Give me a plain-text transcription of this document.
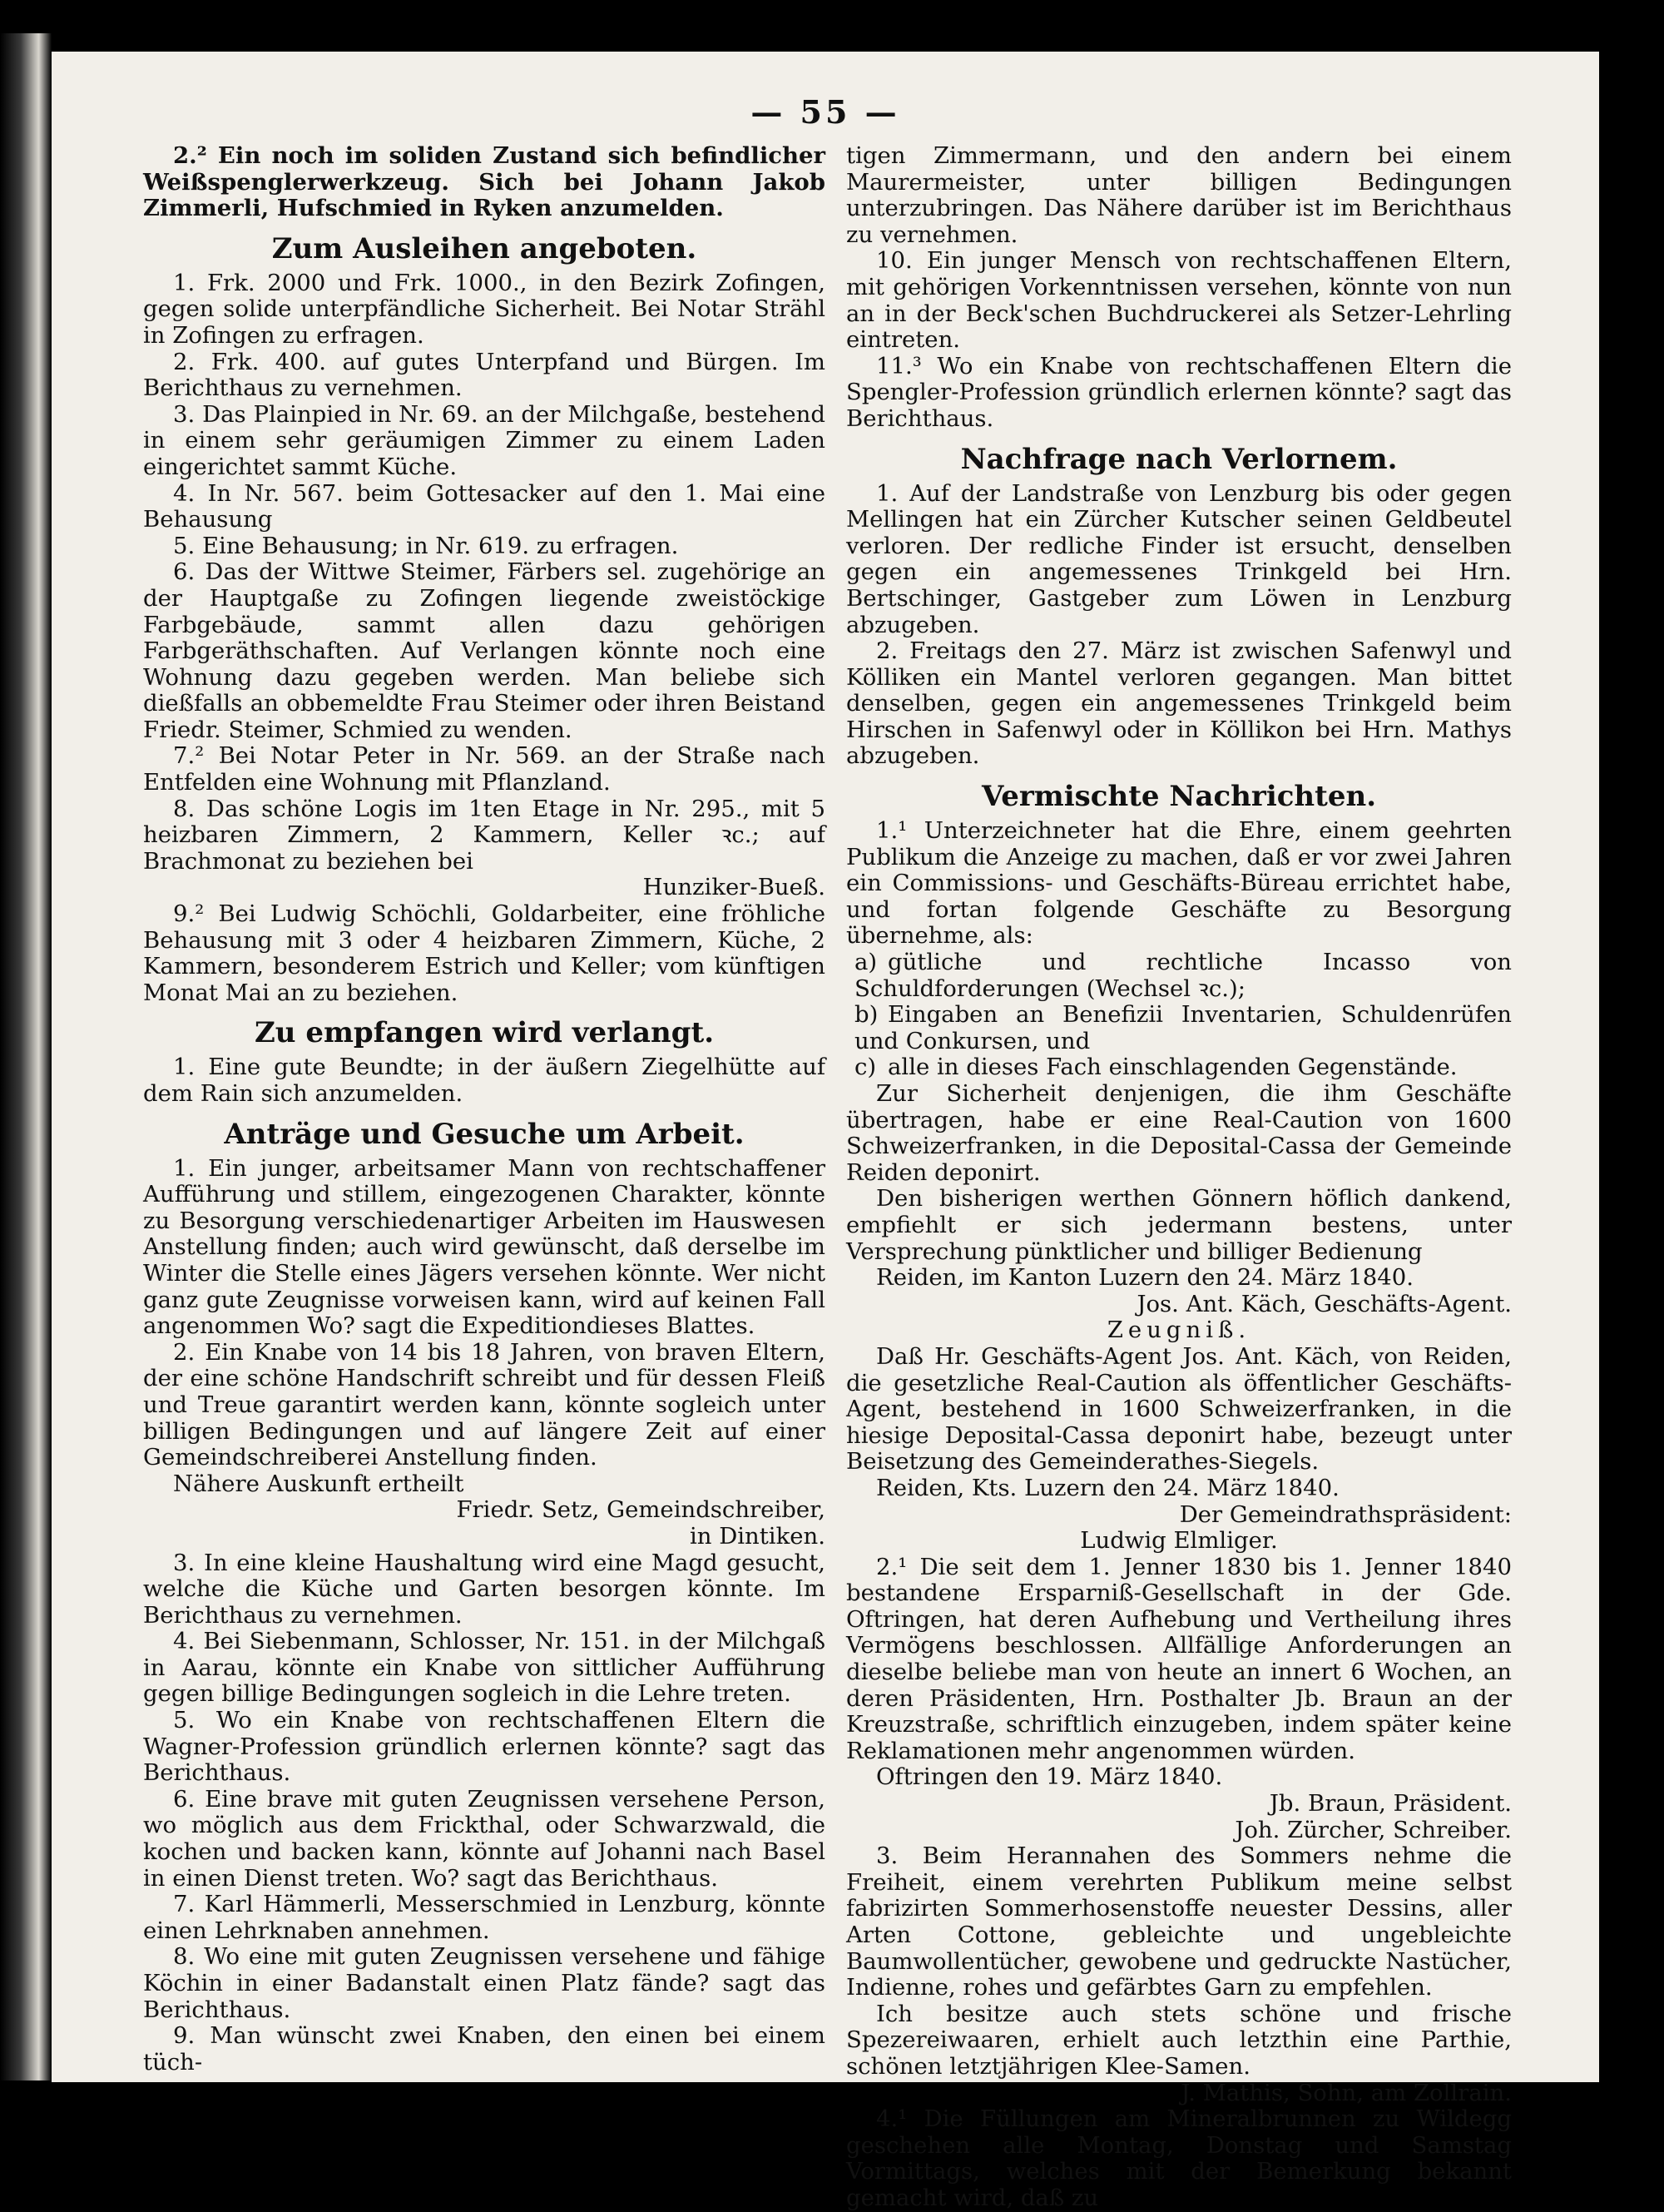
— 55 —

2.² Ein noch im soliden Zustand sich befindlicher Weißspenglerwerkzeug. Sich bei Johann Jakob Zimmerli, Hufschmied in Ryken anzumelden.

Zum Ausleihen angeboten.

1. Frk. 2000 und Frk. 1000., in den Bezirk Zofingen, gegen solide unterpfändliche Sicherheit. Bei Notar Strähl in Zofingen zu erfragen.

2. Frk. 400. auf gutes Unterpfand und Bürgen. Im Berichthaus zu vernehmen.

3. Das Plainpied in Nr. 69. an der Milchgaße, bestehend in einem sehr geräumigen Zimmer zu einem Laden eingerichtet sammt Küche.

4. In Nr. 567. beim Gottesacker auf den 1. Mai eine Behausung

5. Eine Behausung; in Nr. 619. zu erfragen.

6. Das der Wittwe Steimer, Färbers sel. zugehörige an der Hauptgaße zu Zofingen liegende zweistöckige Farbgebäude, sammt allen dazu gehörigen Farbgeräthschaften. Auf Verlangen könnte noch eine Wohnung dazu gegeben werden. Man beliebe sich dießfalls an obbemeldte Frau Steimer oder ihren Beistand Friedr. Steimer, Schmied zu wenden.

7.² Bei Notar Peter in Nr. 569. an der Straße nach Entfelden eine Wohnung mit Pflanzland.

8. Das schöne Logis im 1ten Etage in Nr. 295., mit 5 heizbaren Zimmern, 2 Kammern, Keller ꝛc.; auf Brachmonat zu beziehen bei

Hunziker-Bueß.

9.² Bei Ludwig Schöchli, Goldarbeiter, eine fröhliche Behausung mit 3 oder 4 heizbaren Zimmern, Küche, 2 Kammern, besonderem Estrich und Keller; vom künftigen Monat Mai an zu beziehen.

Zu empfangen wird verlangt.

1. Eine gute Beundte; in der äußern Ziegelhütte auf dem Rain sich anzumelden.

Anträge und Gesuche um Arbeit.

1. Ein junger, arbeitsamer Mann von rechtschaffener Aufführung und stillem, eingezogenen Charakter, könnte zu Besorgung verschiedenartiger Arbeiten im Hauswesen Anstellung finden; auch wird gewünscht, daß derselbe im Winter die Stelle eines Jägers versehen könnte. Wer nicht ganz gute Zeugnisse vorweisen kann, wird auf keinen Fall angenommen Wo? sagt die Expeditiondieses Blattes.

2. Ein Knabe von 14 bis 18 Jahren, von braven Eltern, der eine schöne Handschrift schreibt und für dessen Fleiß und Treue garantirt werden kann, könnte sogleich unter billigen Bedingungen und auf längere Zeit auf einer Gemeindschreiberei Anstellung finden.

Nähere Auskunft ertheilt

Friedr. Setz, Gemeindschreiber,

in Dintiken.

3. In eine kleine Haushaltung wird eine Magd gesucht, welche die Küche und Garten besorgen könnte. Im Berichthaus zu vernehmen.

4. Bei Siebenmann, Schlosser, Nr. 151. in der Milchgaß in Aarau, könnte ein Knabe von sittlicher Aufführung gegen billige Bedingungen sogleich in die Lehre treten.

5. Wo ein Knabe von rechtschaffenen Eltern die Wagner-Profession gründlich erlernen könnte? sagt das Berichthaus.

6. Eine brave mit guten Zeugnissen versehene Person, wo möglich aus dem Frickthal, oder Schwarzwald, die kochen und backen kann, könnte auf Johanni nach Basel in einen Dienst treten. Wo? sagt das Berichthaus.

7. Karl Hämmerli, Messerschmied in Lenzburg, könnte einen Lehrknaben annehmen.

8. Wo eine mit guten Zeugnissen versehene und fähige Köchin in einer Badanstalt einen Platz fände? sagt das Berichthaus.

9. Man wünscht zwei Knaben, den einen bei einem tüch-

tigen Zimmermann, und den andern bei einem Maurermeister, unter billigen Bedingungen unterzubringen. Das Nähere darüber ist im Berichthaus zu vernehmen.

10. Ein junger Mensch von rechtschaffenen Eltern, mit gehörigen Vorkenntnissen versehen, könnte von nun an in der Beck'schen Buchdruckerei als Setzer-Lehrling eintreten.

11.³ Wo ein Knabe von rechtschaffenen Eltern die Spengler-Profession gründlich erlernen könnte? sagt das Berichthaus.

Nachfrage nach Verlornem.

1. Auf der Landstraße von Lenzburg bis oder gegen Mellingen hat ein Zürcher Kutscher seinen Geldbeutel verloren. Der redliche Finder ist ersucht, denselben gegen ein angemessenes Trinkgeld bei Hrn. Bertschinger, Gastgeber zum Löwen in Lenzburg abzugeben.

2. Freitags den 27. März ist zwischen Safenwyl und Kölliken ein Mantel verloren gegangen. Man bittet denselben, gegen ein angemessenes Trinkgeld beim Hirschen in Safenwyl oder in Köllikon bei Hrn. Mathys abzugeben.

Vermischte Nachrichten.

1.¹ Unterzeichneter hat die Ehre, einem geehrten Publikum die Anzeige zu machen, daß er vor zwei Jahren ein Commissions- und Geschäfts-Büreau errichtet habe, und fortan folgende Geschäfte zu Besorgung übernehme, als:

a) gütliche und rechtliche Incasso von Schuldforderungen (Wechsel ꝛc.);

b) Eingaben an Benefizii Inventarien, Schuldenrüfen und Conkursen, und

c) alle in dieses Fach einschlagenden Gegenstände.

Zur Sicherheit denjenigen, die ihm Geschäfte übertragen, habe er eine Real-Caution von 1600 Schweizerfranken, in die Deposital-Cassa der Gemeinde Reiden deponirt.

Den bisherigen werthen Gönnern höflich dankend, empfiehlt er sich jedermann bestens, unter Versprechung pünktlicher und billiger Bedienung

Reiden, im Kanton Luzern den 24. März 1840.

Jos. Ant. Käch, Geschäfts-Agent.

Zeugniß.

Daß Hr. Geschäfts-Agent Jos. Ant. Käch, von Reiden, die gesetzliche Real-Caution als öffentlicher Geschäfts-Agent, bestehend in 1600 Schweizerfranken, in die hiesige Deposital-Cassa deponirt habe, bezeugt unter Beisetzung des Gemeinderathes-Siegels.

Reiden, Kts. Luzern den 24. März 1840.

Der Gemeindrathspräsident:

Ludwig Elmliger.

2.¹ Die seit dem 1. Jenner 1830 bis 1. Jenner 1840 bestandene Ersparniß-Gesellschaft in der Gde. Oftringen, hat deren Aufhebung und Vertheilung ihres Vermögens beschlossen. Allfällige Anforderungen an dieselbe beliebe man von heute an innert 6 Wochen, an deren Präsidenten, Hrn. Posthalter Jb. Braun an der Kreuzstraße, schriftlich einzugeben, indem später keine Reklamationen mehr angenommen würden.

Oftringen den 19. März 1840.

Jb. Braun, Präsident.

Joh. Zürcher, Schreiber.

3. Beim Herannahen des Sommers nehme die Freiheit, einem verehrten Publikum meine selbst fabrizirten Sommerhosenstoffe neuester Dessins, aller Arten Cottone, gebleichte und ungebleichte Baumwollentücher, gewobene und gedruckte Nastücher, Indienne, rohes und gefärbtes Garn zu empfehlen.

Ich besitze auch stets schöne und frische Spezereiwaaren, erhielt auch letzthin eine Parthie, schönen letztjährigen Klee-Samen.

J. Mathis, Sohn, am Zollrain.

4.¹ Die Füllungen am Mineralbrunnen zu Wildegg geschehen alle Montag, Donstag und Samstag Vormittags, welches mit der Bemerkung bekannt gemacht wird, daß zu
